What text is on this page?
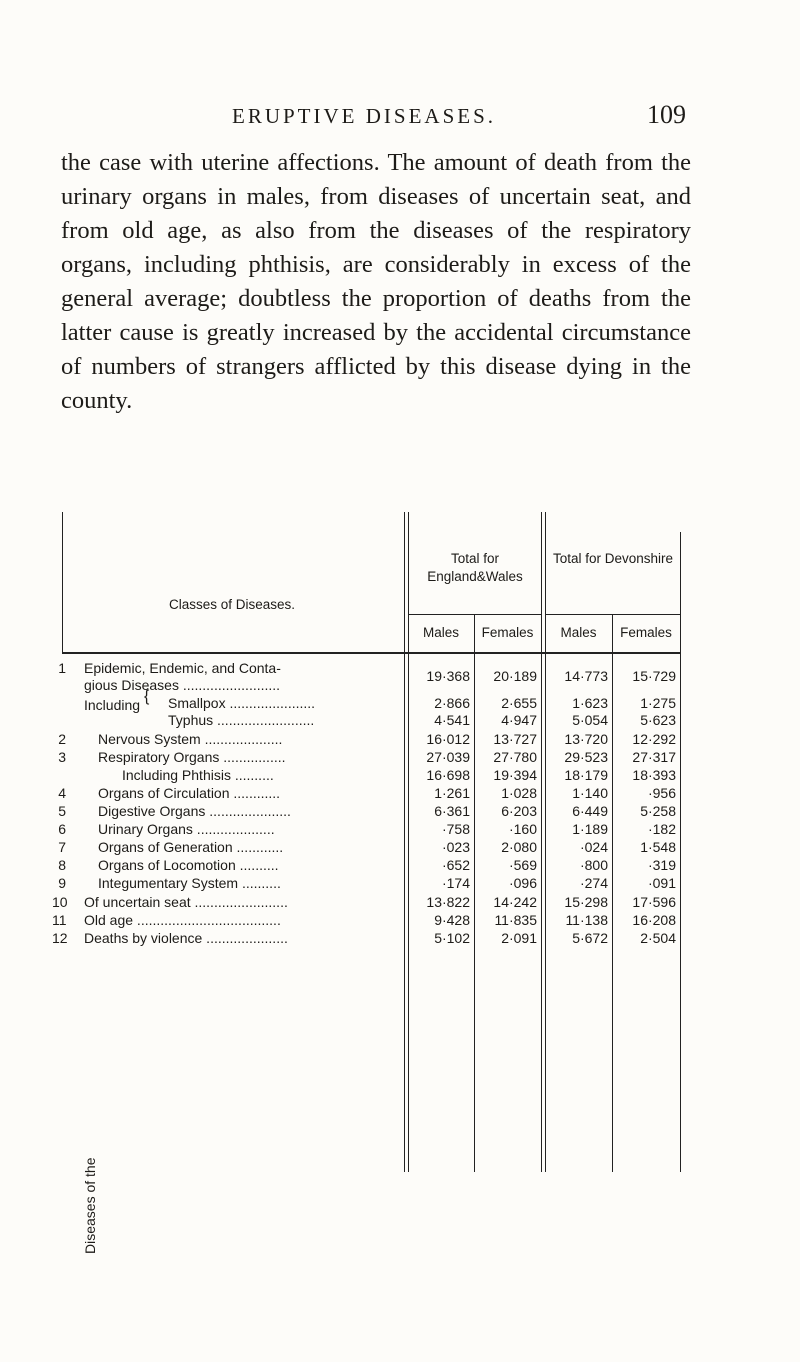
ERUPTIVE DISEASES.	109

the case with uterine affections. The amount of death from the urinary organs in males, from diseases of uncertain seat, and from old age, as also from the diseases of the respiratory organs, including phthisis, are considerably in excess of the general average; doubtless the proportion of deaths from the latter cause is greatly increased by the accidental circumstance of numbers of strangers afflicted by this disease dying in the county.

Classes of Diseases.
Total for England&Wales
Total for Devonshire
Males	Females	Males	Females
Diseases of the
Including {
1 Epidemic, Endemic, and Conta-
gious Diseases .........................
19·368	20·189	14·773	15·729
Smallpox ......................	2·866	2·655	1·623	1·275
Typhus .........................	4·541	4·947	5·054	5·623
2 Nervous System ....................	16·012	13·727	13·720	12·292
3 Respiratory Organs ................	27·039	27·780	29·523	27·317
Including Phthisis ..........	16·698	19·394	18·179	18·393
4 Organs of Circulation ............	1·261	1·028	1·140	·956
5 Digestive Organs .....................	6·361	6·203	6·449	5·258
6 Urinary Organs ....................	·758	·160	1·189	·182
7 Organs of Generation ............	·023	2·080	·024	1·548
8 Organs of Locomotion ..........	·652	·569	·800	·319
9 Integumentary System ..........	·174	·096	·274	·091
10 Of uncertain seat ........................	13·822	14·242	15·298	17·596
11 Old age .....................................	9·428	11·835	11·138	16·208
12 Deaths by violence .....................	5·102	2·091	5·672	2·504
